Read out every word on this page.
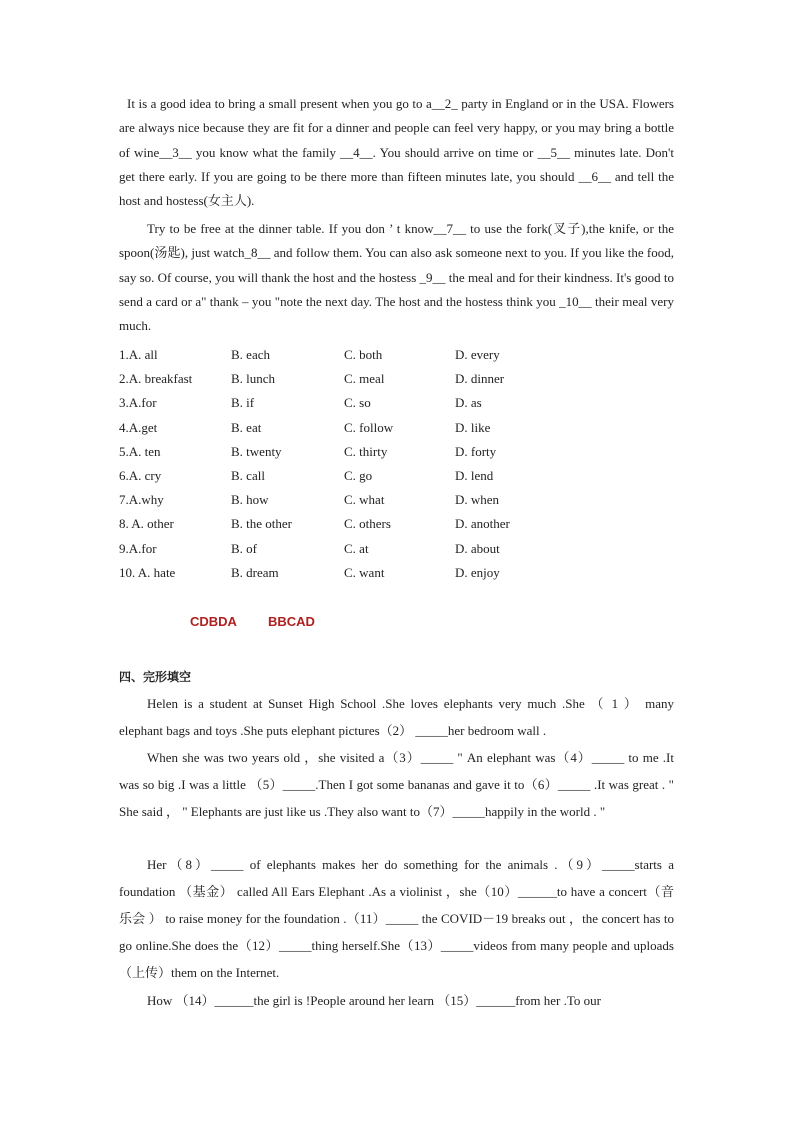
It is a good idea to bring a small present when you go to a__2_ party in England or in the USA. Flowers are always nice because they are fit for a dinner and people can feel very happy, or you may bring a bottle of wine__3__ you know what the family __4__. You should arrive on time or __5__ minutes late. Don't get there early. If you are going to be there more than fifteen minutes late, you should __6__ and tell the host and hostess(女主人).
Try to be free at the dinner table. If you don ’ t know__7__ to use the fork(叉子),the knife, or the spoon(汤匙), just watch_8__ and follow them. You can also ask someone next to you. If you like the food, say so. Of course, you will thank the host and the hostess _9__ the meal and for their kindness. It's good to send a card or a" thank – you "note the next day. The host and the hostess think you _10__ their meal very much.
1.A. all	B. each	C. both	D. every
2.A. breakfast	B. lunch	C. meal	D. dinner
3.A.for	B. if	C. so	D. as
4.A.get	B. eat	C. follow	D. like
5.A. ten	B. twenty	C. thirty	D. forty
6.A. cry	B. call	C. go	D. lend
7.A.why	B. how	C. what	D. when
8. A. other	B. the other	C. others	D. another
9.A.for	B. of	C. at	D. about
10. A. hate	B. dream	C. want	D. enjoy
CDBDA BBCAD
四、完形填空
Helen is a student at Sunset High School .She loves elephants very much .She （ 1 ） many elephant bags and toys .She puts elephant pictures（2） _____her bedroom wall .
When she was two years old ，she visited a（3）_____ " An elephant was（4）_____ to me .It was so big .I was a little （5）_____.Then I got some bananas and gave it to（6）_____ .It was great . " She said ， " Elephants are just like us .They also want to（7）_____happily in the world . "
Her（8）_____ of elephants makes her do something for the animals .（9）_____starts a foundation （基金） called All Ears Elephant .As a violinist ，she（10）______to have a concert（音乐会 ） to raise money for the foundation .（11）_____ the COVID－19 breaks out ，the concert has to go online.She does the（12）_____thing herself.She（13）_____videos from many people and uploads（上传）them on the Internet.
How （14）______the girl is !People around her learn （15）______from her .To our
